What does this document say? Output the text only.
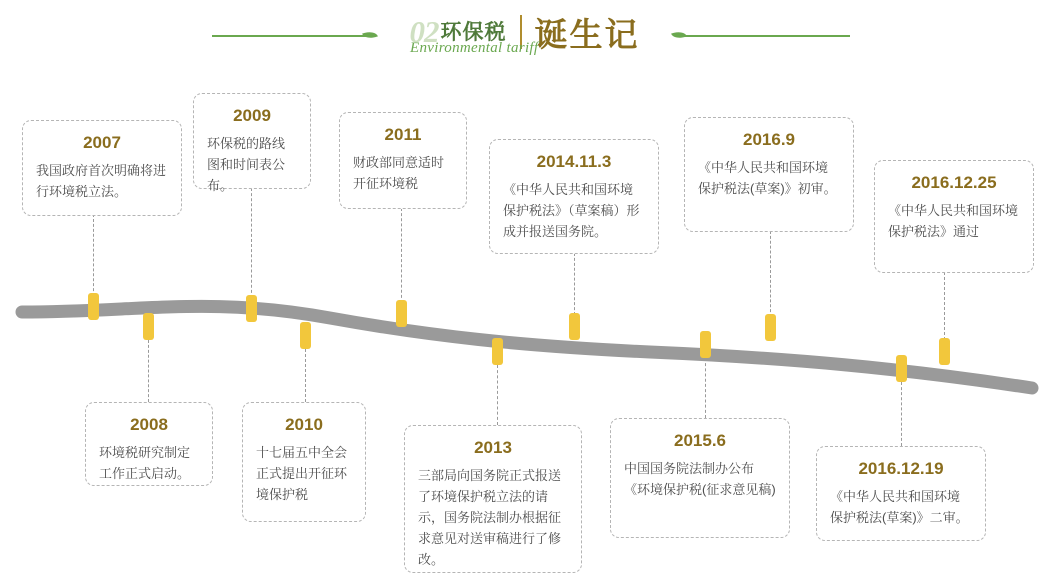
02 环保税 诞生记
Environmental tariff
2007
我国政府首次明确将进行环境税立法。
2008
环境税研究制定工作正式启动。
2009
环保税的路线图和时间表公布。
2010
十七届五中全会正式提出开征环境保护税
2011
财政部同意适时开征环境税
2013
三部局向国务院正式报送了环境保护税立法的请示，国务院法制办根据征求意见对送审稿进行了修改。
2014.11.3
《中华人民共和国环境保护税法》（草案稿）形成并报送国务院。
2015.6
中国国务院法制办公布《环境保护税(征求意见稿)
2016.9
《中华人民共和国环境保护税法(草案)》初审。
2016.12.19
《中华人民共和国环境保护税法(草案)》二审。
2016.12.25
《中华人民共和国环境保护税法》通过
